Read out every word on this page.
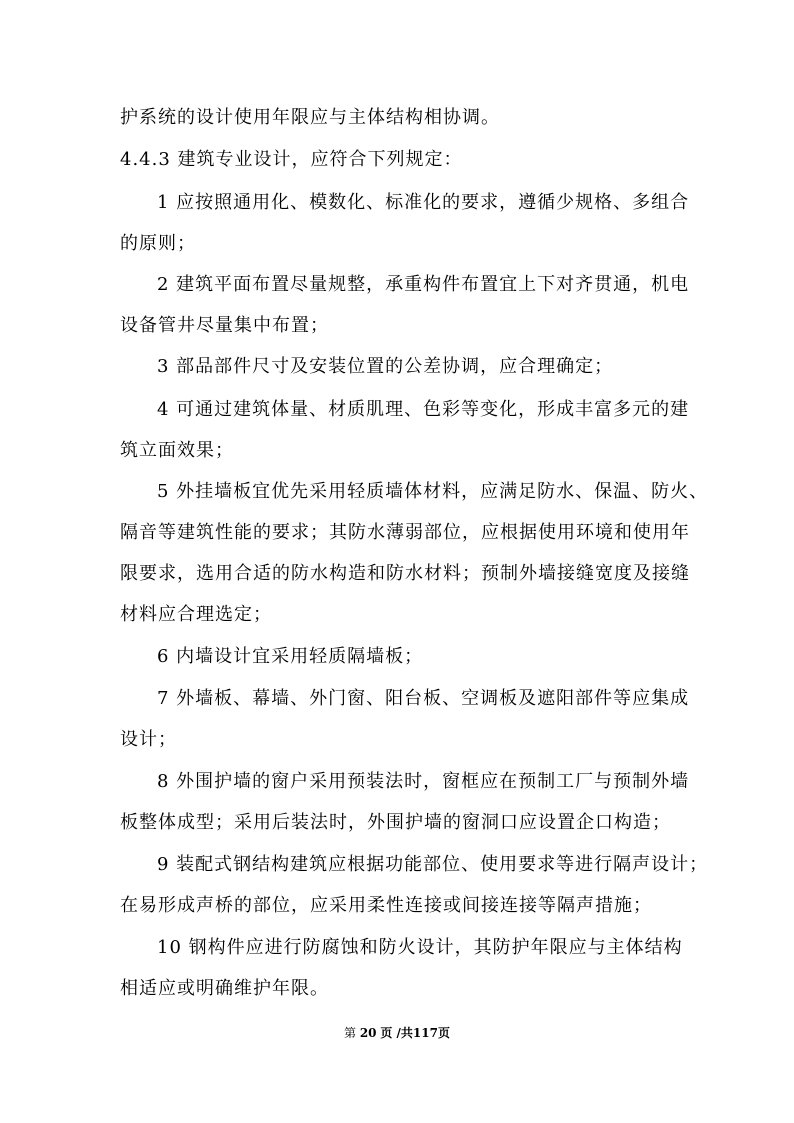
护系统的设计使用年限应与主体结构相协调。
4.4.3 建筑专业设计，应符合下列规定：
1 应按照通用化、模数化、标准化的要求，遵循少规格、多组合
的原则；
2 建筑平面布置尽量规整，承重构件布置宜上下对齐贯通，机电
设备管井尽量集中布置；
3 部品部件尺寸及安装位置的公差协调，应合理确定；
4 可通过建筑体量、材质肌理、色彩等变化，形成丰富多元的建
筑立面效果；
5 外挂墙板宜优先采用轻质墙体材料，应满足防水、保温、防火、
隔音等建筑性能的要求；其防水薄弱部位，应根据使用环境和使用年
限要求，选用合适的防水构造和防水材料；预制外墙接缝宽度及接缝
材料应合理选定；
6 内墙设计宜采用轻质隔墙板；
7 外墙板、幕墙、外门窗、阳台板、空调板及遮阳部件等应集成
设计；
8 外围护墙的窗户采用预装法时，窗框应在预制工厂与预制外墙
板整体成型；采用后装法时，外围护墙的窗洞口应设置企口构造；
9 装配式钢结构建筑应根据功能部位、使用要求等进行隔声设计；
在易形成声桥的部位，应采用柔性连接或间接连接等隔声措施；
10 钢构件应进行防腐蚀和防火设计，其防护年限应与主体结构
相适应或明确维护年限。
第 20 页 /共117页
